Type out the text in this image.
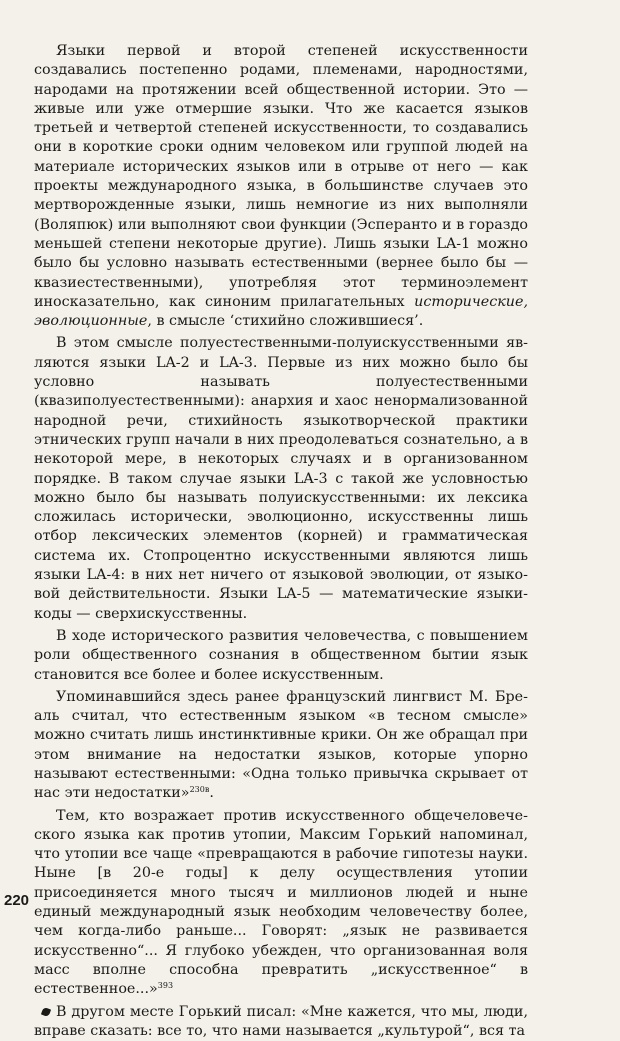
Языки первой и второй степеней искусственности создавались постепенно родами, племенами, народностями, народами на протяжении всей общественной истории. Это — живые или уже отмершие языки. Что же касается языков третьей и четвертой степеней искусственности, то создавались они в короткие сроки одним человеком или группой людей на материале исторических языков или в отрыве от него — как проекты международного языка, в большинстве случаев это мертворожденные языки, лишь немногие из них выполняли (Воляпюк) или выполняют свои функции (Эсперанто и в гораздо меньшей степени некоторые другие). Лишь языки LA-1 можно было бы условно называть естественными (вернее было бы — квазиестественными), употребляя этот терминоэлемент иносказательно, как синоним прилагательных исторические, эволюционные, в смысле ‘стихийно сложившиеся’.

В этом смысле полуестественными-полуискусственными являются языки LA-2 и LA-3. Первые из них можно было бы условно называть полуестественными (квазиполуестественными): анархия и хаос ненормализованной народной речи, стихийность языкотворческой практики этнических групп начали в них преодолеваться сознательно, а в некоторой мере, в некоторых случаях и в организованном порядке. В таком случае языки LA-3 с такой же условностью можно было бы называть полуискусственными: их лексика сложилась исторически, эволюционно, искусственны лишь отбор лексических элементов (корней) и грамматическая система их. Стопроцентно искусственными являются лишь языки LA-4: в них нет ничего от языковой эволюции, от языковой действительности. Языки LA-5 — математические языкикоды — сверхискусственны.

В ходе исторического развития человечества, с повышением роли общественного сознания в общественном бытии язык становится все более и более искусственным.

Упоминавшийся здесь ранее французский лингвист М. Бреаль считал, что естественным языком «в тесном смысле» можно считать лишь инстинктивные крики. Он же обращал при этом внимание на недостатки языков, которые упорно называют естественными: «Одна только привычка скрывает от нас эти недостатки»$^{230в}$.

Тем, кто возражает против искусственного общечеловеческого языка как против утопии, Максим Горький напоминал, что утопии все чаще «превращаются в рабочие гипотезы науки. Ныне [в 20-е годы] к делу осуществления утопии присоединяется много тысяч и миллионов людей и ныне единый международный язык необходим человечеству более, чем когда-либо раньше... Говорят: „язык не развивается искусственно“... Я глубоко убежден, что организованная воля масс вполне способна превратить „искусственное“ в естественное...»$^{393}$

В другом месте Горький писал: «Мне кажется, что мы, люди, вправе сказать: все то, что нами называется „культурой“, вся та

220
